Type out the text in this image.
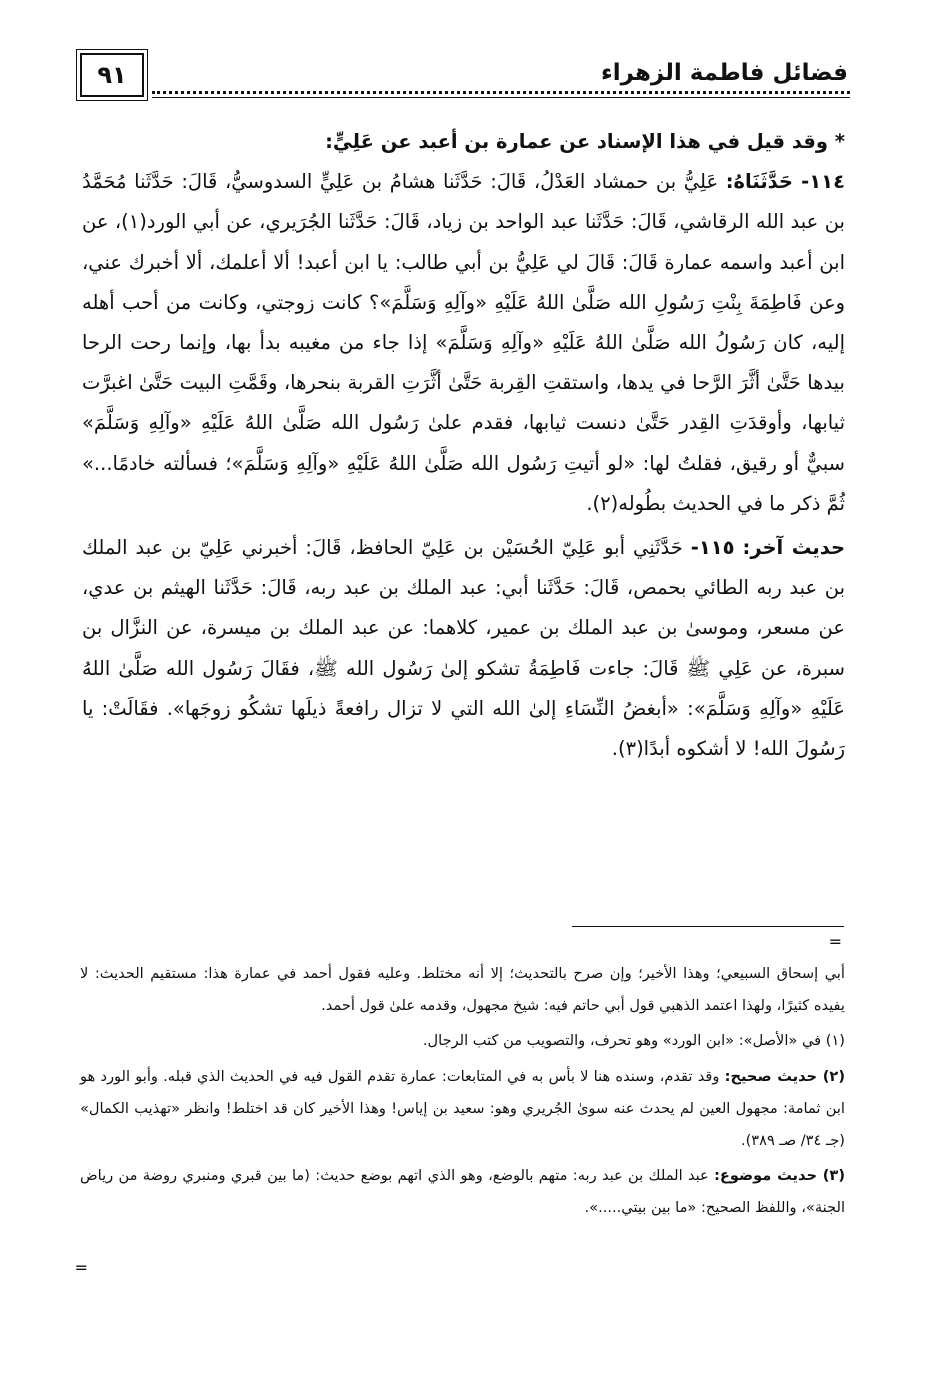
فضائل فاطمة الزهراء
٩١

* وقد قيل في هذا الإسناد عن عمارة بن أعبد عن عَلِيٍّ:

١١٤- حَدَّثَنَاهُ: عَلِيُّ بن حمشاد العَدْلُ، قَالَ: حَدَّثَنا هشامُ بن عَلِيٍّ السدوسيُّ، قَالَ: حَدَّثَنا مُحَمَّدُ بن عبد الله الرقاشي، قَالَ: حَدَّثَنا عبد الواحد بن زياد، قَالَ: حَدَّثَنا الجُرَيري، عن أبي الورد(١)، عن ابن أعبد واسمه عمارة قَالَ: قَالَ لي عَلِيُّ بن أبي طالب: يا ابن أعبد! ألا أعلمك، ألا أخبرك عني، وعن فَاطِمَةَ بِنْتِ رَسُولِ الله صَلَّىٰ اللهُ عَلَيْهِ «وآلِهِ وَسَلَّمَ»؟ كانت زوجتي، وكانت من أحب أهله إليه، كان رَسُولُ الله صَلَّىٰ اللهُ عَلَيْهِ «وآلِهِ وَسَلَّمَ» إذا جاء من مغيبه بدأ بها، وإنما رحت الرحا بيدها حَتَّىٰ أثَّرَ الرَّحا في يدها، واستقتِ القِربة حَتَّىٰ أثَّرَتِ القربة بنحرها، وقَمَّتِ البيت حَتَّىٰ اغبرَّت ثيابها، وأوقدَتِ القِدر حَتَّىٰ دنست ثيابها، فقدم علىٰ رَسُول الله صَلَّىٰ اللهُ عَلَيْهِ «وآلِهِ وَسَلَّمَ» سبيٌّ أو رقيق، فقلتُ لها: «لو أتيتِ رَسُول الله صَلَّىٰ اللهُ عَلَيْهِ «وآلِهِ وَسَلَّمَ»؛ فسألته خادمًا...» ثُمَّ ذكر ما في الحديث بطُوله(٢).

حديث آخر: ١١٥- حَدَّثَنِي أبو عَلِيّ الحُسَيْن بن عَلِيّ الحافظ، قَالَ: أخبرني عَلِيّ بن عبد الملك بن عبد ربه الطائي بحمص، قَالَ: حَدَّثَنا أبي: عبد الملك بن عبد ربه، قَالَ: حَدَّثَنا الهيثم بن عدي، عن مسعر، وموسىٰ بن عبد الملك بن عمير، كلاهما: عن عبد الملك بن ميسرة، عن النزَّال بن سبرة، عن عَلِي ﷺ قَالَ: جاءت فَاطِمَةُ تشكو إلىٰ رَسُول الله ﷺ، فقَالَ رَسُول الله صَلَّىٰ اللهُ عَلَيْهِ «وآلِهِ وَسَلَّمَ»: «أبغضُ النِّسَاءِ إلىٰ الله التي لا تزال رافعةً ذيلَها تشكُو زوجَها». فقَالَتْ: يا رَسُولَ الله! لا أشكوه أبدًا(٣).

=

أبي إسحاق السبيعي؛ وهذا الأخير؛ وإن صرح بالتحديث؛ إلا أنه مختلط. وعليه فقول أحمد في عمارة هذا: مستقيم الحديث: لا يفيده كثيرًا، ولهذا اعتمد الذهبي قول أبي حاتم فيه: شيخ مجهول، وقدمه علىٰ قول أحمد.

(١) في «الأصل»: «ابن الورد» وهو تحرف، والتصويب من كتب الرجال.

(٢) حديث صحيح: وقد تقدم، وسنده هنا لا بأس به في المتابعات: عمارة تقدم القول فيه في الحديث الذي قبله. وأبو الورد هو ابن ثمامة: مجهول العين لم يحدث عنه سوىٰ الجُريري وهو: سعيد بن إياس! وهذا الأخير كان قد اختلط! وانظر «تهذيب الكمال» (جـ ٣٤/ صـ ٣٨٩).

(٣) حديث موضوع: عبد الملك بن عبد ربه: متهم بالوضع، وهو الذي اتهم بوضع حديث: (ما بين قبري ومنبري روضة من رياض الجنة»، واللفظ الصحيح: «ما بين بيتي.....».

=
